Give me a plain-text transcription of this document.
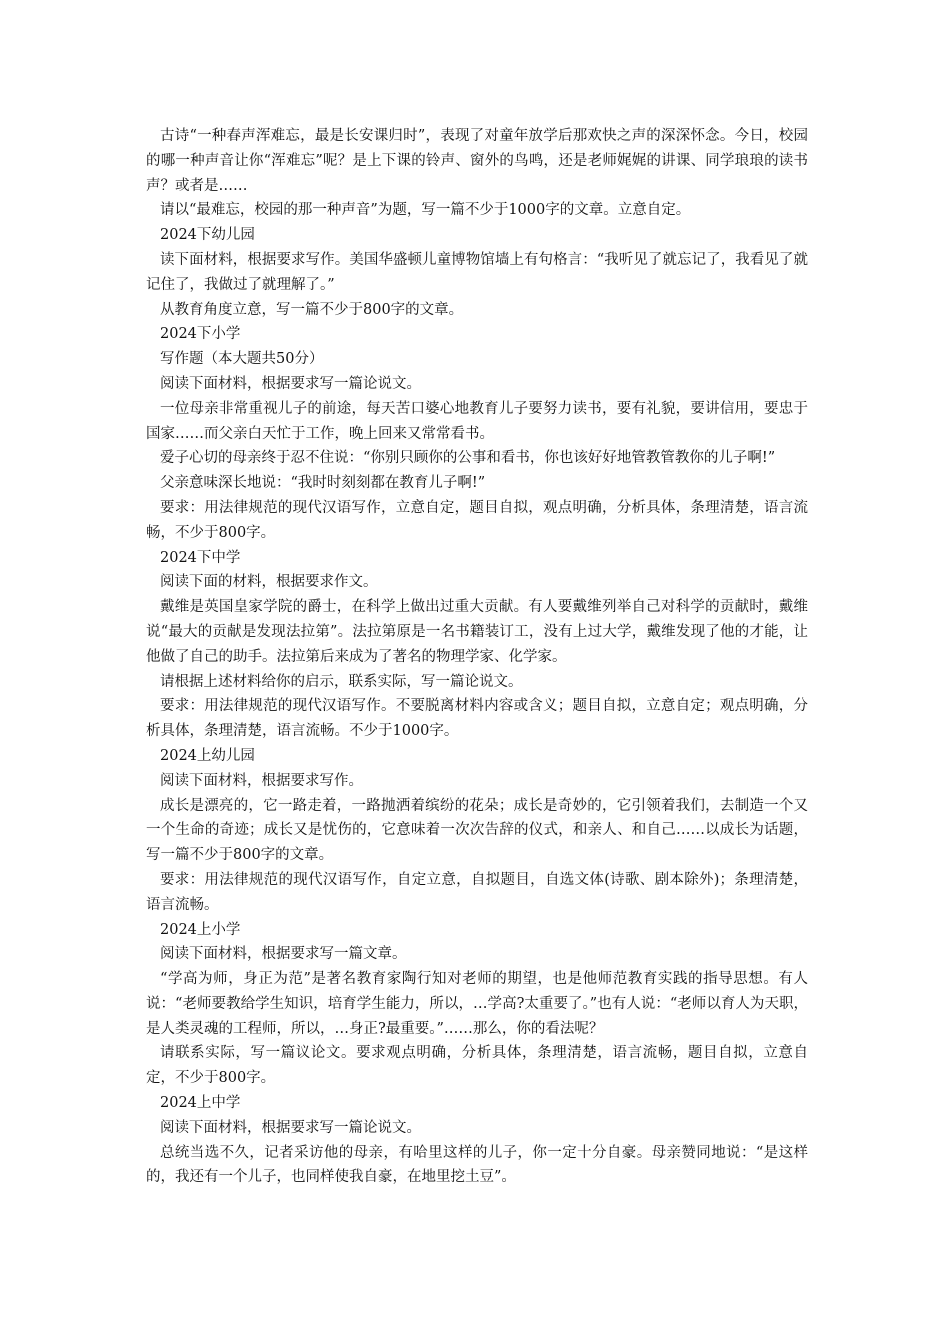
古诗“一种春声浑难忘，最是长安课归时”，表现了对童年放学后那欢快之声的深深怀念。今日，校园的哪一种声音让你“浑难忘”呢？是上下课的铃声、窗外的鸟鸣，还是老师娓娓的讲课、同学琅琅的读书声？或者是……

请以“最难忘，校园的那一种声音”为题，写一篇不少于1000字的文章。立意自定。

2024下幼儿园

读下面材料，根据要求写作。美国华盛顿儿童博物馆墙上有句格言：“我听见了就忘记了，我看见了就记住了，我做过了就理解了。”

从教育角度立意，写一篇不少于800字的文章。

2024下小学

写作题（本大题共50分）

阅读下面材料，根据要求写一篇论说文。

一位母亲非常重视儿子的前途，每天苦口婆心地教育儿子要努力读书，要有礼貌，要讲信用，要忠于国家……而父亲白天忙于工作，晚上回来又常常看书。

爱子心切的母亲终于忍不住说：“你别只顾你的公事和看书，你也该好好地管教管教你的儿子啊!”

父亲意味深长地说：“我时时刻刻都在教育儿子啊!”

要求：用法律规范的现代汉语写作，立意自定，题目自拟，观点明确，分析具体，条理清楚，语言流畅，不少于800字。

2024下中学

阅读下面的材料，根据要求作文。

戴维是英国皇家学院的爵士，在科学上做出过重大贡献。有人要戴维列举自己对科学的贡献时，戴维说“最大的贡献是发现法拉第”。法拉第原是一名书籍装订工，没有上过大学，戴维发现了他的才能，让他做了自己的助手。法拉第后来成为了著名的物理学家、化学家。

请根据上述材料给你的启示，联系实际，写一篇论说文。

要求：用法律规范的现代汉语写作。不要脱离材料内容或含义；题目自拟，立意自定；观点明确，分析具体，条理清楚，语言流畅。不少于1000字。

2024上幼儿园

阅读下面材料，根据要求写作。

成长是漂亮的，它一路走着，一路抛洒着缤纷的花朵；成长是奇妙的，它引领着我们，去制造一个又一个生命的奇迹；成长又是忧伤的，它意味着一次次告辞的仪式，和亲人、和自己……以成长为话题，写一篇不少于800字的文章。

要求：用法律规范的现代汉语写作，自定立意，自拟题目，自选文体(诗歌、剧本除外)；条理清楚，语言流畅。

2024上小学

阅读下面材料，根据要求写一篇文章。

“学高为师，身正为范”是著名教育家陶行知对老师的期望，也是他师范教育实践的指导思想。有人说：“老师要教给学生知识，培育学生能力，所以，…学高?太重要了。”也有人说：“老师以育人为天职，是人类灵魂的工程师，所以，…身正?最重要。”……那么，你的看法呢？

请联系实际，写一篇议论文。要求观点明确，分析具体，条理清楚，语言流畅，题目自拟，立意自定，不少于800字。

2024上中学

阅读下面材料，根据要求写一篇论说文。

总统当选不久，记者采访他的母亲，有哈里这样的儿子，你一定十分自豪。母亲赞同地说：“是这样的，我还有一个儿子，也同样使我自豪，在地里挖土豆”。
